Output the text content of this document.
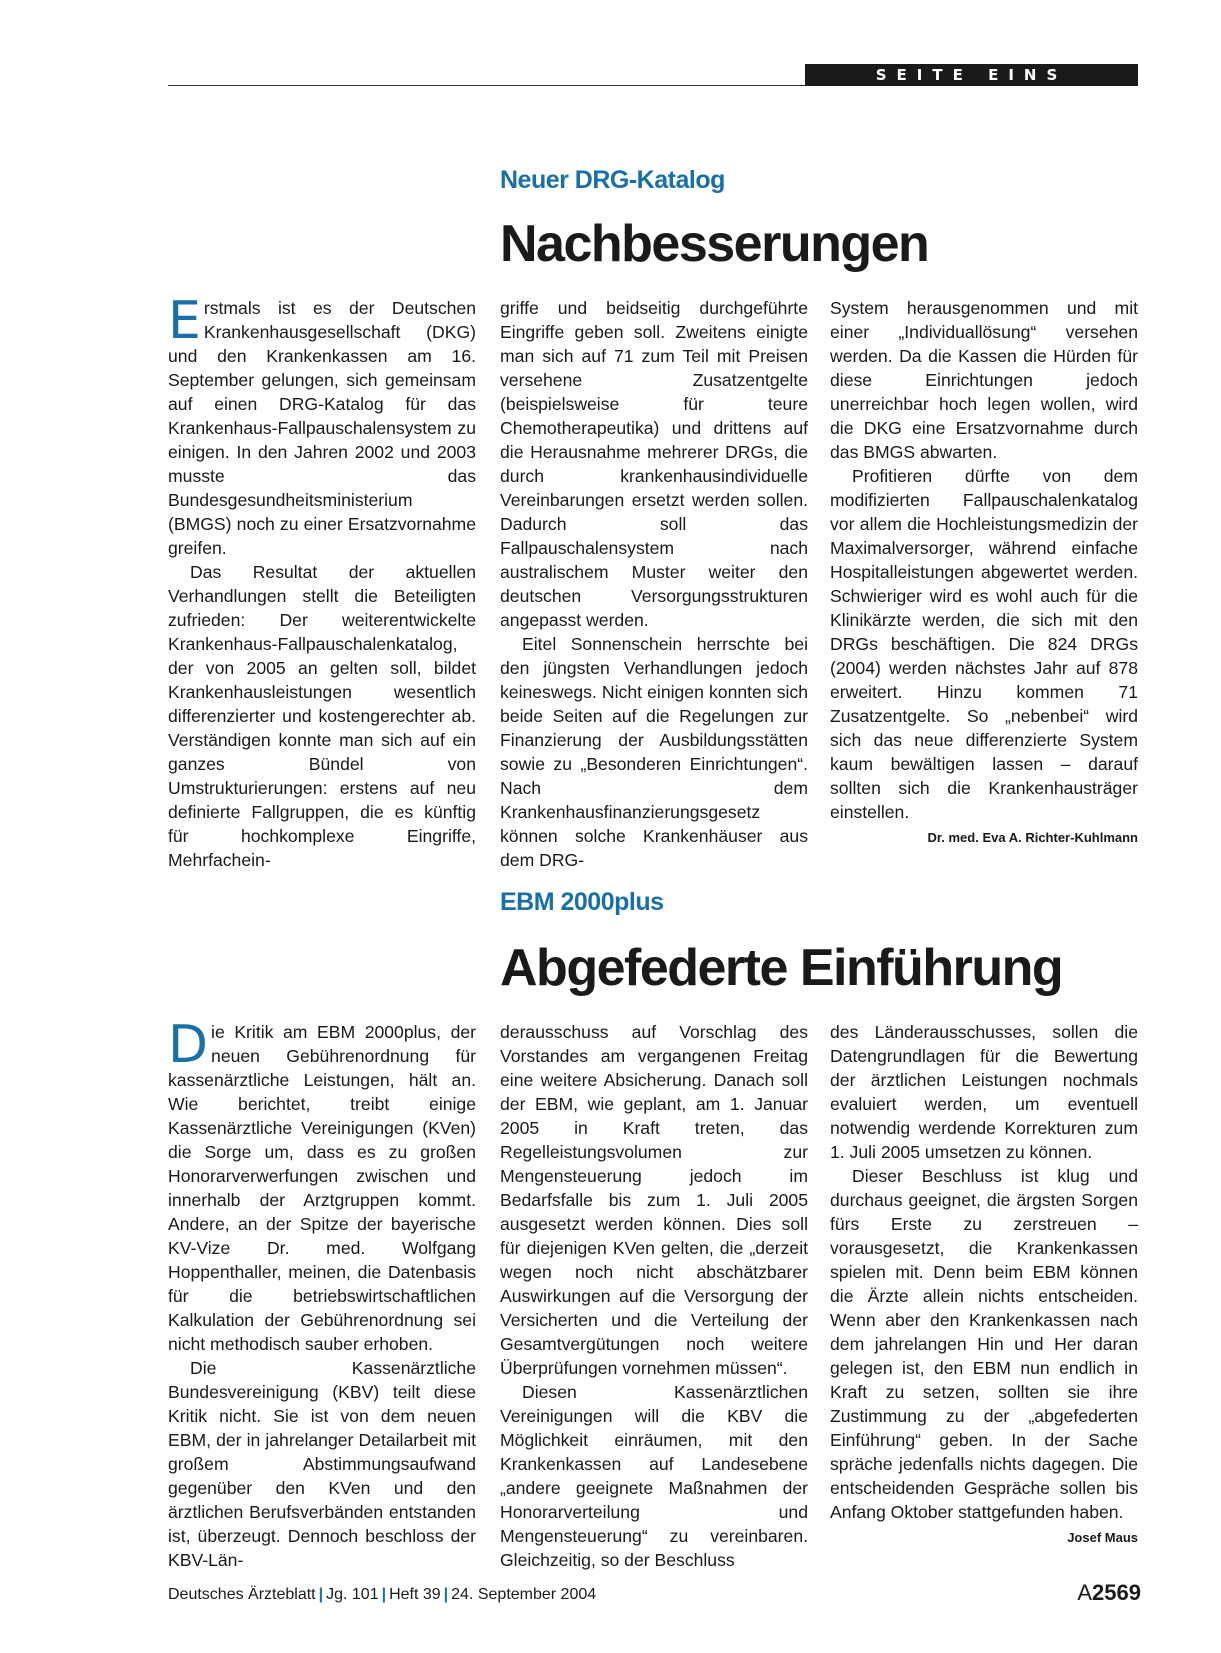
SEITE EINS
Neuer DRG-Katalog
Nachbesserungen

Erstmals ist es der Deutschen Krankenhausgesellschaft (DKG) und den Krankenkassen am 16. September gelungen, sich gemeinsam auf einen DRG-Katalog für das Krankenhaus-Fallpauschalensystem zu einigen. In den Jahren 2002 und 2003 musste das Bundesgesundheitsministerium (BMGS) noch zu einer Ersatzvornahme greifen.

Das Resultat der aktuellen Verhandlungen stellt die Beteiligten zufrieden: Der weiterentwickelte Krankenhaus-Fallpauschalenkatalog, der von 2005 an gelten soll, bildet Krankenhausleistungen wesentlich differenzierter und kostengerechter ab. Verständigen konnte man sich auf ein ganzes Bündel von Umstrukturierungen: erstens auf neu definierte Fallgruppen, die es künftig für hochkomplexe Eingriffe, Mehrfachein-

griffe und beidseitig durchgeführte Eingriffe geben soll. Zweitens einigte man sich auf 71 zum Teil mit Preisen versehene Zusatzentgelte (beispielsweise für teure Chemotherapeutika) und drittens auf die Herausnahme mehrerer DRGs, die durch krankenhausindividuelle Vereinbarungen ersetzt werden sollen. Dadurch soll das Fallpauschalensystem nach australischem Muster weiter den deutschen Versorgungsstrukturen angepasst werden.

Eitel Sonnenschein herrschte bei den jüngsten Verhandlungen jedoch keineswegs. Nicht einigen konnten sich beide Seiten auf die Regelungen zur Finanzierung der Ausbildungsstätten sowie zu „Besonderen Einrichtungen“. Nach dem Krankenhausfinanzierungsgesetz können solche Krankenhäuser aus dem DRG-

System herausgenommen und mit einer „Individuallösung“ versehen werden. Da die Kassen die Hürden für diese Einrichtungen jedoch unerreichbar hoch legen wollen, wird die DKG eine Ersatzvornahme durch das BMGS abwarten.

Profitieren dürfte von dem modifizierten Fallpauschalenkatalog vor allem die Hochleistungsmedizin der Maximalversorger, während einfache Hospitalleistungen abgewertet werden. Schwieriger wird es wohl auch für die Klinikärzte werden, die sich mit den DRGs beschäftigen. Die 824 DRGs (2004) werden nächstes Jahr auf 878 erweitert. Hinzu kommen 71 Zusatzentgelte. So „nebenbei“ wird sich das neue differenzierte System kaum bewältigen lassen – darauf sollten sich die Krankenhausträger einstellen.
Dr. med. Eva A. Richter-Kuhlmann

EBM 2000plus
Abgefederte Einführung

Die Kritik am EBM 2000plus, der neuen Gebührenordnung für kassenärztliche Leistungen, hält an. Wie berichtet, treibt einige Kassenärztliche Vereinigungen (KVen) die Sorge um, dass es zu großen Honorarverwerfungen zwischen und innerhalb der Arztgruppen kommt. Andere, an der Spitze der bayerische KV-Vize Dr. med. Wolfgang Hoppenthaller, meinen, die Datenbasis für die betriebswirtschaftlichen Kalkulation der Gebührenordnung sei nicht methodisch sauber erhoben.

Die Kassenärztliche Bundesvereinigung (KBV) teilt diese Kritik nicht. Sie ist von dem neuen EBM, der in jahrelanger Detailarbeit mit großem Abstimmungsaufwand gegenüber den KVen und den ärztlichen Berufsverbänden entstanden ist, überzeugt. Dennoch beschloss der KBV-Län-

derausschuss auf Vorschlag des Vorstandes am vergangenen Freitag eine weitere Absicherung. Danach soll der EBM, wie geplant, am 1. Januar 2005 in Kraft treten, das Regelleistungsvolumen zur Mengensteuerung jedoch im Bedarfsfalle bis zum 1. Juli 2005 ausgesetzt werden können. Dies soll für diejenigen KVen gelten, die „derzeit wegen noch nicht abschätzbarer Auswirkungen auf die Versorgung der Versicherten und die Verteilung der Gesamtvergütungen noch weitere Überprüfungen vornehmen müssen“.

Diesen Kassenärztlichen Vereinigungen will die KBV die Möglichkeit einräumen, mit den Krankenkassen auf Landesebene „andere geeignete Maßnahmen der Honorarverteilung und Mengensteuerung“ zu vereinbaren. Gleichzeitig, so der Beschluss

des Länderausschusses, sollen die Datengrundlagen für die Bewertung der ärztlichen Leistungen nochmals evaluiert werden, um eventuell notwendig werdende Korrekturen zum 1. Juli 2005 umsetzen zu können.

Dieser Beschluss ist klug und durchaus geeignet, die ärgsten Sorgen fürs Erste zu zerstreuen – vorausgesetzt, die Krankenkassen spielen mit. Denn beim EBM können die Ärzte allein nichts entscheiden. Wenn aber den Krankenkassen nach dem jahrelangen Hin und Her daran gelegen ist, den EBM nun endlich in Kraft zu setzen, sollten sie ihre Zustimmung zu der „abgefederten Einführung“ geben. In der Sache spräche jedenfalls nichts dagegen. Die entscheidenden Gespräche sollen bis Anfang Oktober stattgefunden haben.
Josef Maus

Deutsches Ärzteblatt | Jg. 101 | Heft 39 | 24. September 2004	A2569
